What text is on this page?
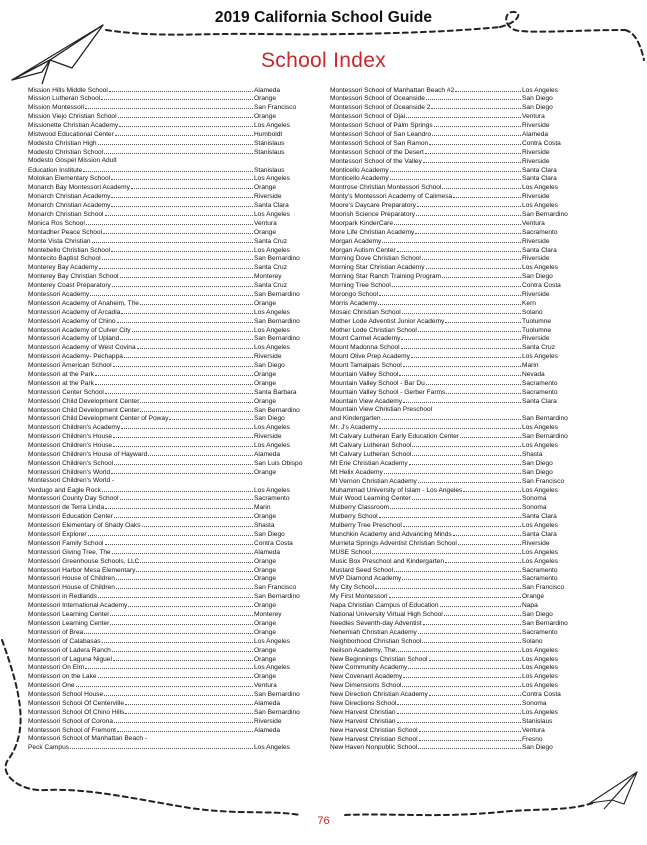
2019 California School Guide
School Index
Mission Hills Middle School	Alameda
Mission Lutheran School	Orange
Mission Montessori	San Francisco
Mission Viejo Christian School	Orange
Missionette Christian Academy	Los Angeles
Mistwood Educational Center	Humboldt
Modesto Christian High	Stanislaus
Modesto Christian School	Stanislaus
Modesto Gospel Mission Adult
Education Institute	Stanislaus
Molokan Elementary School	Los Angeles
Monarch Bay Montessori Academy	Orange
Monarch Christian Academy	Riverside
Monarch Christian Academy	Santa Clara
Monarch Christian School	Los Angeles
Monica Ros School	Ventura
Montadher Peace School	Orange
Monte Vista Christian	Santa Cruz
Montebello Christian School	Los Angeles
Montecito Baptist School	San Bernardino
Monterey Bay Academy	Santa Cruz
Monterey Bay Christian School	Monterey
Monterey Coast Preparatory	Santa Cruz
Montessori Academy	San Bernardino
Montessori Academy of Anaheim, The	Orange
Montessori Academy of Arcadia	Los Angeles
Montessori Academy of Chino	San Bernardino
Montessori Academy of Culver City	Los Angeles
Montessori Academy of Upland	San Bernardino
Montessori Academy of West Covina	Los Angeles
Montessori Academy- Pechappa	Riverside
Montessori American School	San Diego
Montessori at the Park	Orange
Montessori at the Park	Orange
Montessori Center School	Santa Barbara
Montessori Child Development Center	Orange
Montessori Child Development Center	San Bernardino
Montessori Child Development Center of Poway	San Diego
Montessori Children's Academy	Los Angeles
Montessori Children's House	Riverside
Montessori Children's House	Los Angeles
Montessori Children's House of Hayward	Alameda
Montessori Children's School	San Luis Obispo
Montessori Children's World	Orange
Montessori Children's World -
Verdugo and Eagle Rock	Los Angeles
Montessori County Day School	Sacramento
Montessori de Terra Linda	Marin
Montessori Education Center	Orange
Montessori Elementary of Shady Oaks	Shasta
Montessori Explorer	San Diego
Montessori Family School	Contra Costa
Montessori Giving Tree, The	Alameda
Montessori Greenhouse Schools, LLC	Orange
Montessori Harbor Mesa Elementary	Orange
Montessori House of Children	Orange
Montessori House of Children	San Francisco
Montessori in Redlands	San Bernardino
Montessori International Academy	Orange
Montessori Learning Center	Monterey
Montessori Learning Center	Orange
Montessori of Brea	Orange
Montessori of Calabasas	Los Angeles
Montessori of Ladera Ranch	Orange
Montessori of Laguna Niguel	Orange
Montessori On Elm	Los Angeles
Montessori on the Lake	Orange
Montessori One	Ventura
Montessori School House	San Bernardino
Montessori School Of Centerville	Alameda
Montessori School Of Chino Hills	San Bernardino
Montessori School of Corona	Riverside
Montessori School of Fremont	Alameda
Montessori School of Manhattan Beach -
Peck Campus	Los Angeles
Montessori School of Manhattan Beach #2	Los Angeles
Montessori School of Oceanside	San Diego
Montessori School of Oceanside 2	San Diego
Montessori School of Ojai	Ventura
Montessori School of Palm Springs	Riverside
Montessori School of San Leandro	Alameda
Montessori School of San Ramon	Contra Costa
Montessori School of the Desert	Riverside
Montessori School of the Valley	Riverside
Monticello Academy	Santa Clara
Monticello Academy	Santa Clara
Montrose Christian Montessori School	Los Angeles
Monty's Montessori Academy of Calimesa	Riverside
Moore's Daycare Preparatory	Los Angeles
Moorish Science Preparatory	San Bernardino
Moorpark KinderCare	Ventura
More Life Christian Academy	Sacramento
Morgan Academy	Riverside
Morgan Autism Center	Santa Clara
Morning Dove Christian School	Riverside
Morning Star Christian Academy	Los Angeles
Morning Star Ranch Training Program	San Diego
Morning Tree School	Contra Costa
Morongo School	Riverside
Morris Academy	Kern
Mosaic Christian School	Solano
Mother Lode Adventist Junior Academy	Tuolumne
Mother Lode Christian School	Tuolumne
Mount Carmel Academy	Riverside
Mount Madonna School	Santa Cruz
Mount Olive Prep Academy	Los Angeles
Mount Tamalpais School	Marin
Mountain Valley School	Nevada
Mountain Valley School - Bar Du	Sacramento
Mountain Valley School - Gerber Farms	Sacramento
Mountain View Academy	Santa Clara
Mountain View Christian Preschool
and Kindergarten	San Bernardino
Mr. J's Academy	Los Angeles
Mt Calvary Lutheran Early Education Center	San Bernardino
Mt Calvary Lutheran School	Los Angeles
Mt Calvary Lutheran School	Shasta
Mt Erie Christian Academy	San Diego
Mt Helix Academy	San Diego
Mt Vernon Christian Academy	San Francisco
Muhammad University of Islam - Los Angeles	Los Angeles
Muir Wood Learning Center	Sonoma
Mulberry Classroom	Sonoma
Mulberry School	Santa Clara
Mulberry Tree Preschool	Los Angeles
Munchkin Academy and Advancing Minds	Santa Clara
Murrieta Springs Adventist Christian School	Riverside
MUSE School	Los Angeles
Music Box Preschool and Kindergarten	Los Angeles
Mustard Seed School	Sacramento
MVP Diamond Academy	Sacramento
My City School	San Francisco
My First Montessori	Orange
Napa Christian Campus of Education	Napa
National University Virtual High School	San Diego
Needles Seventh-day Adventist	San Bernardino
Nehemiah Christian Academy	Sacramento
Neighborhood Christian School	Solano
Neilson Academy, The	Los Angeles
New Beginnings Christian School	Los Angeles
New Community Academy	Los Angeles
New Covenant Academy	Los Angeles
New Dimensions School	Los Angeles
New Direction Christian Academy	Contra Costa
New Directions School	Sonoma
New Harvest Christian	Los Angeles
New Harvest Christian	Stanislaus
New Harvest Christian School	Ventura
New Harvest Christian School	Fresno
New Haven Nonpublic School	San Diego
76
